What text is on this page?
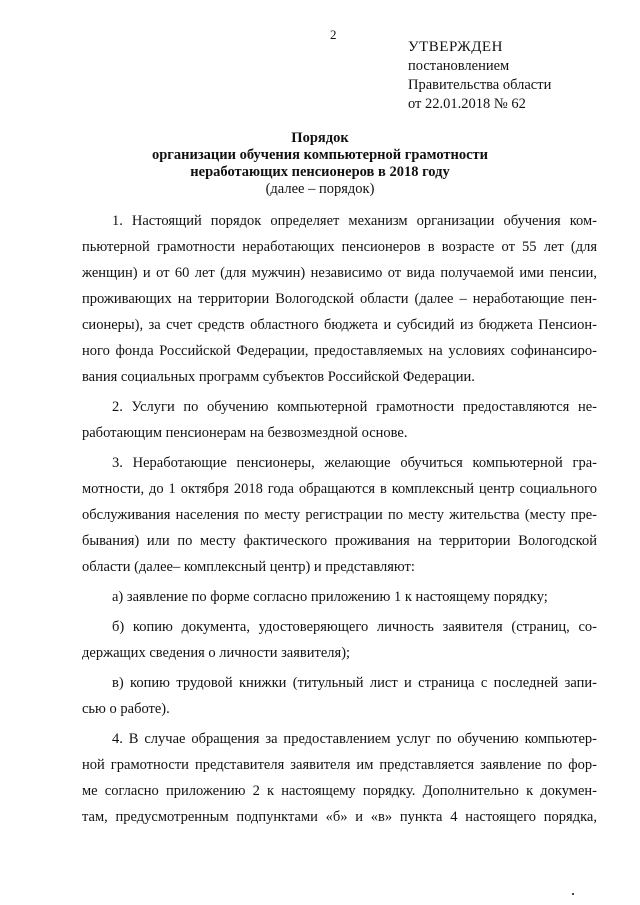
2
УТВЕРЖДЕН
постановлением
Правительства области
от 22.01.2018 № 62
Порядок
организации обучения компьютерной грамотности
неработающих пенсионеров в 2018 году
(далее – порядок)
1. Настоящий порядок определяет механизм организации обучения ком-
пьютерной грамотности неработающих пенсионеров в возрасте от 55 лет (для
женщин) и от 60 лет (для мужчин) независимо от вида получаемой ими пенсии,
проживающих на территории Вологодской области (далее – неработающие пен-
сионеры), за счет средств областного бюджета и субсидий из бюджета Пенсион-
ного фонда Российской Федерации, предоставляемых на условиях софинансиро-
вания социальных программ субъектов Российской Федерации.
2. Услуги по обучению компьютерной грамотности предоставляются не-
работающим пенсионерам на безвозмездной основе.
3. Неработающие пенсионеры, желающие обучиться компьютерной гра-
мотности, до 1 октября 2018 года обращаются в комплексный центр социального
обслуживания населения по месту регистрации по месту жительства (месту пре-
бывания) или по месту фактического проживания на территории Вологодской
области (далее– комплексный центр) и представляют:
а) заявление по форме согласно приложению 1 к настоящему порядку;
б) копию документа, удостоверяющего личность заявителя (страниц, со-
держащих сведения о личности заявителя);
в) копию трудовой книжки (титульный лист и страница с последней запи-
сью о работе).
4. В случае обращения за предоставлением услуг по обучению компьютер-
ной грамотности представителя заявителя им представляется заявление по фор-
ме согласно приложению 2 к настоящему порядку. Дополнительно к докумен-
там, предусмотренным подпунктами «б» и «в» пункта 4 настоящего порядка,
